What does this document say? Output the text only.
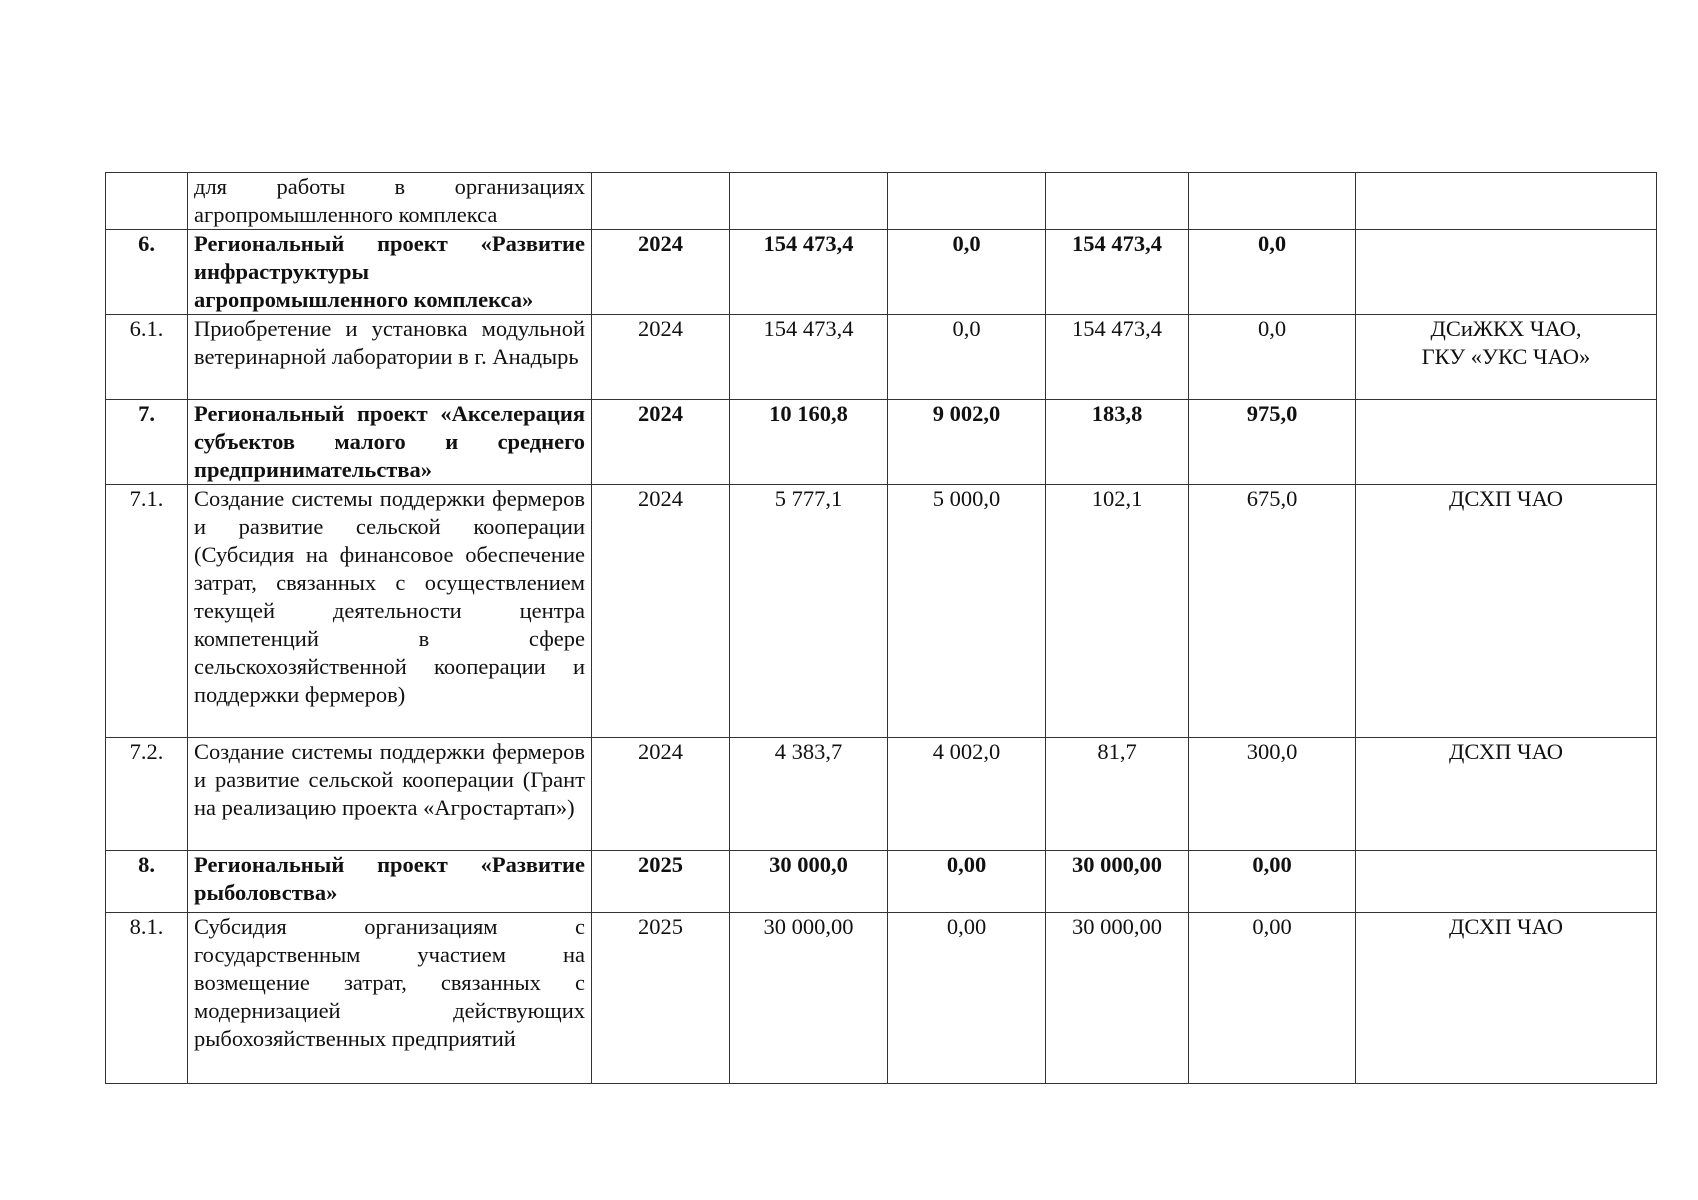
	для работы в организациях агропромышленного комплекса						
6.	Региональный проект «Развитие инфраструктуры агропромышленного комплекса»	2024	154 473,4	0,0	154 473,4	0,0	
6.1.	Приобретение и установка модульной ветеринарной лаборатории в г. Анадырь	2024	154 473,4	0,0	154 473,4	0,0	ДСиЖКХ ЧАО,
ГКУ «УКС ЧАО»

7.	Региональный проект «Акселерация субъектов малого и среднего предпринимательства»	2024	10 160,8	9 002,0	183,8	975,0	
7.1.	Создание системы поддержки фермеров и развитие сельской кооперации (Субсидия на финансовое обеспечение затрат, связанных с осуществлением текущей деятельности центра компетенций в сфере сельскохозяйственной кооперации и поддержки фермеров)	2024	5 777,1	5 000,0	102,1	675,0	ДСХП ЧАО

7.2.	Создание системы поддержки фермеров и развитие сельской кооперации (Грант на реализацию проекта «Агростартап»)	2024	4 383,7	4 002,0	81,7	300,0	ДСХП ЧАО

8.	Региональный проект «Развитие рыболовства»	2025	30 000,0	0,00	30 000,00	0,00	
8.1.	Субсидия организациям с государственным участием на возмещение затрат, связанных с модернизацией действующих рыбохозяйственных предприятий	2025	30 000,00	0,00	30 000,00	0,00	ДСХП ЧАО
